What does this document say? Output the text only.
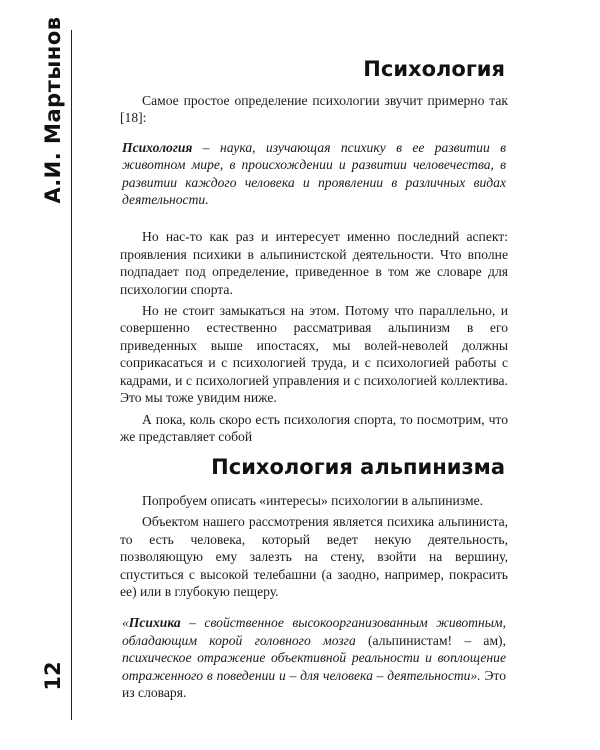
А.И. Мартынов
12
Психология

Самое простое определение психологии звучит примерно так [18]:

Психология – наука, изучающая психику в ее развитии в животном мире, в происхождении и развитии человечества, в развитии каждого человека и проявлении в различных видах деятельности.

Но нас-то как раз и интересует именно последний аспект: проявления психики в альпинистской деятельности. Что вполне подпадает под определение, приведенное в том же словаре для психологии спорта.

Но не стоит замыкаться на этом. Потому что параллельно, и совершенно естественно рассматривая альпинизм в его приведенных выше ипостасях, мы волей-неволей должны соприкасаться и с психологией труда, и с психологией работы с кадрами, и с психологией управления и с психологией коллектива. Это мы тоже увидим ниже.

А пока, коль скоро есть психология спорта, то посмотрим, что же представляет собой

Психология альпинизма

Попробуем описать «интересы» психологии в альпинизме.

Объектом нашего рассмотрения является психика альпиниста, то есть человека, который ведет некую деятельность, позволяющую ему залезть на стену, взойти на вершину, спуститься с высокой телебашни (а заодно, например, покрасить ее) или в глубокую пещеру.

«Психика – свойственное высокоорганизованным животным, обладающим корой головного мозга (альпинистам! – ам), психическое отражение объективной реальности и воплощение отраженного в поведении и – для человека – деятельности». Это из словаря.
